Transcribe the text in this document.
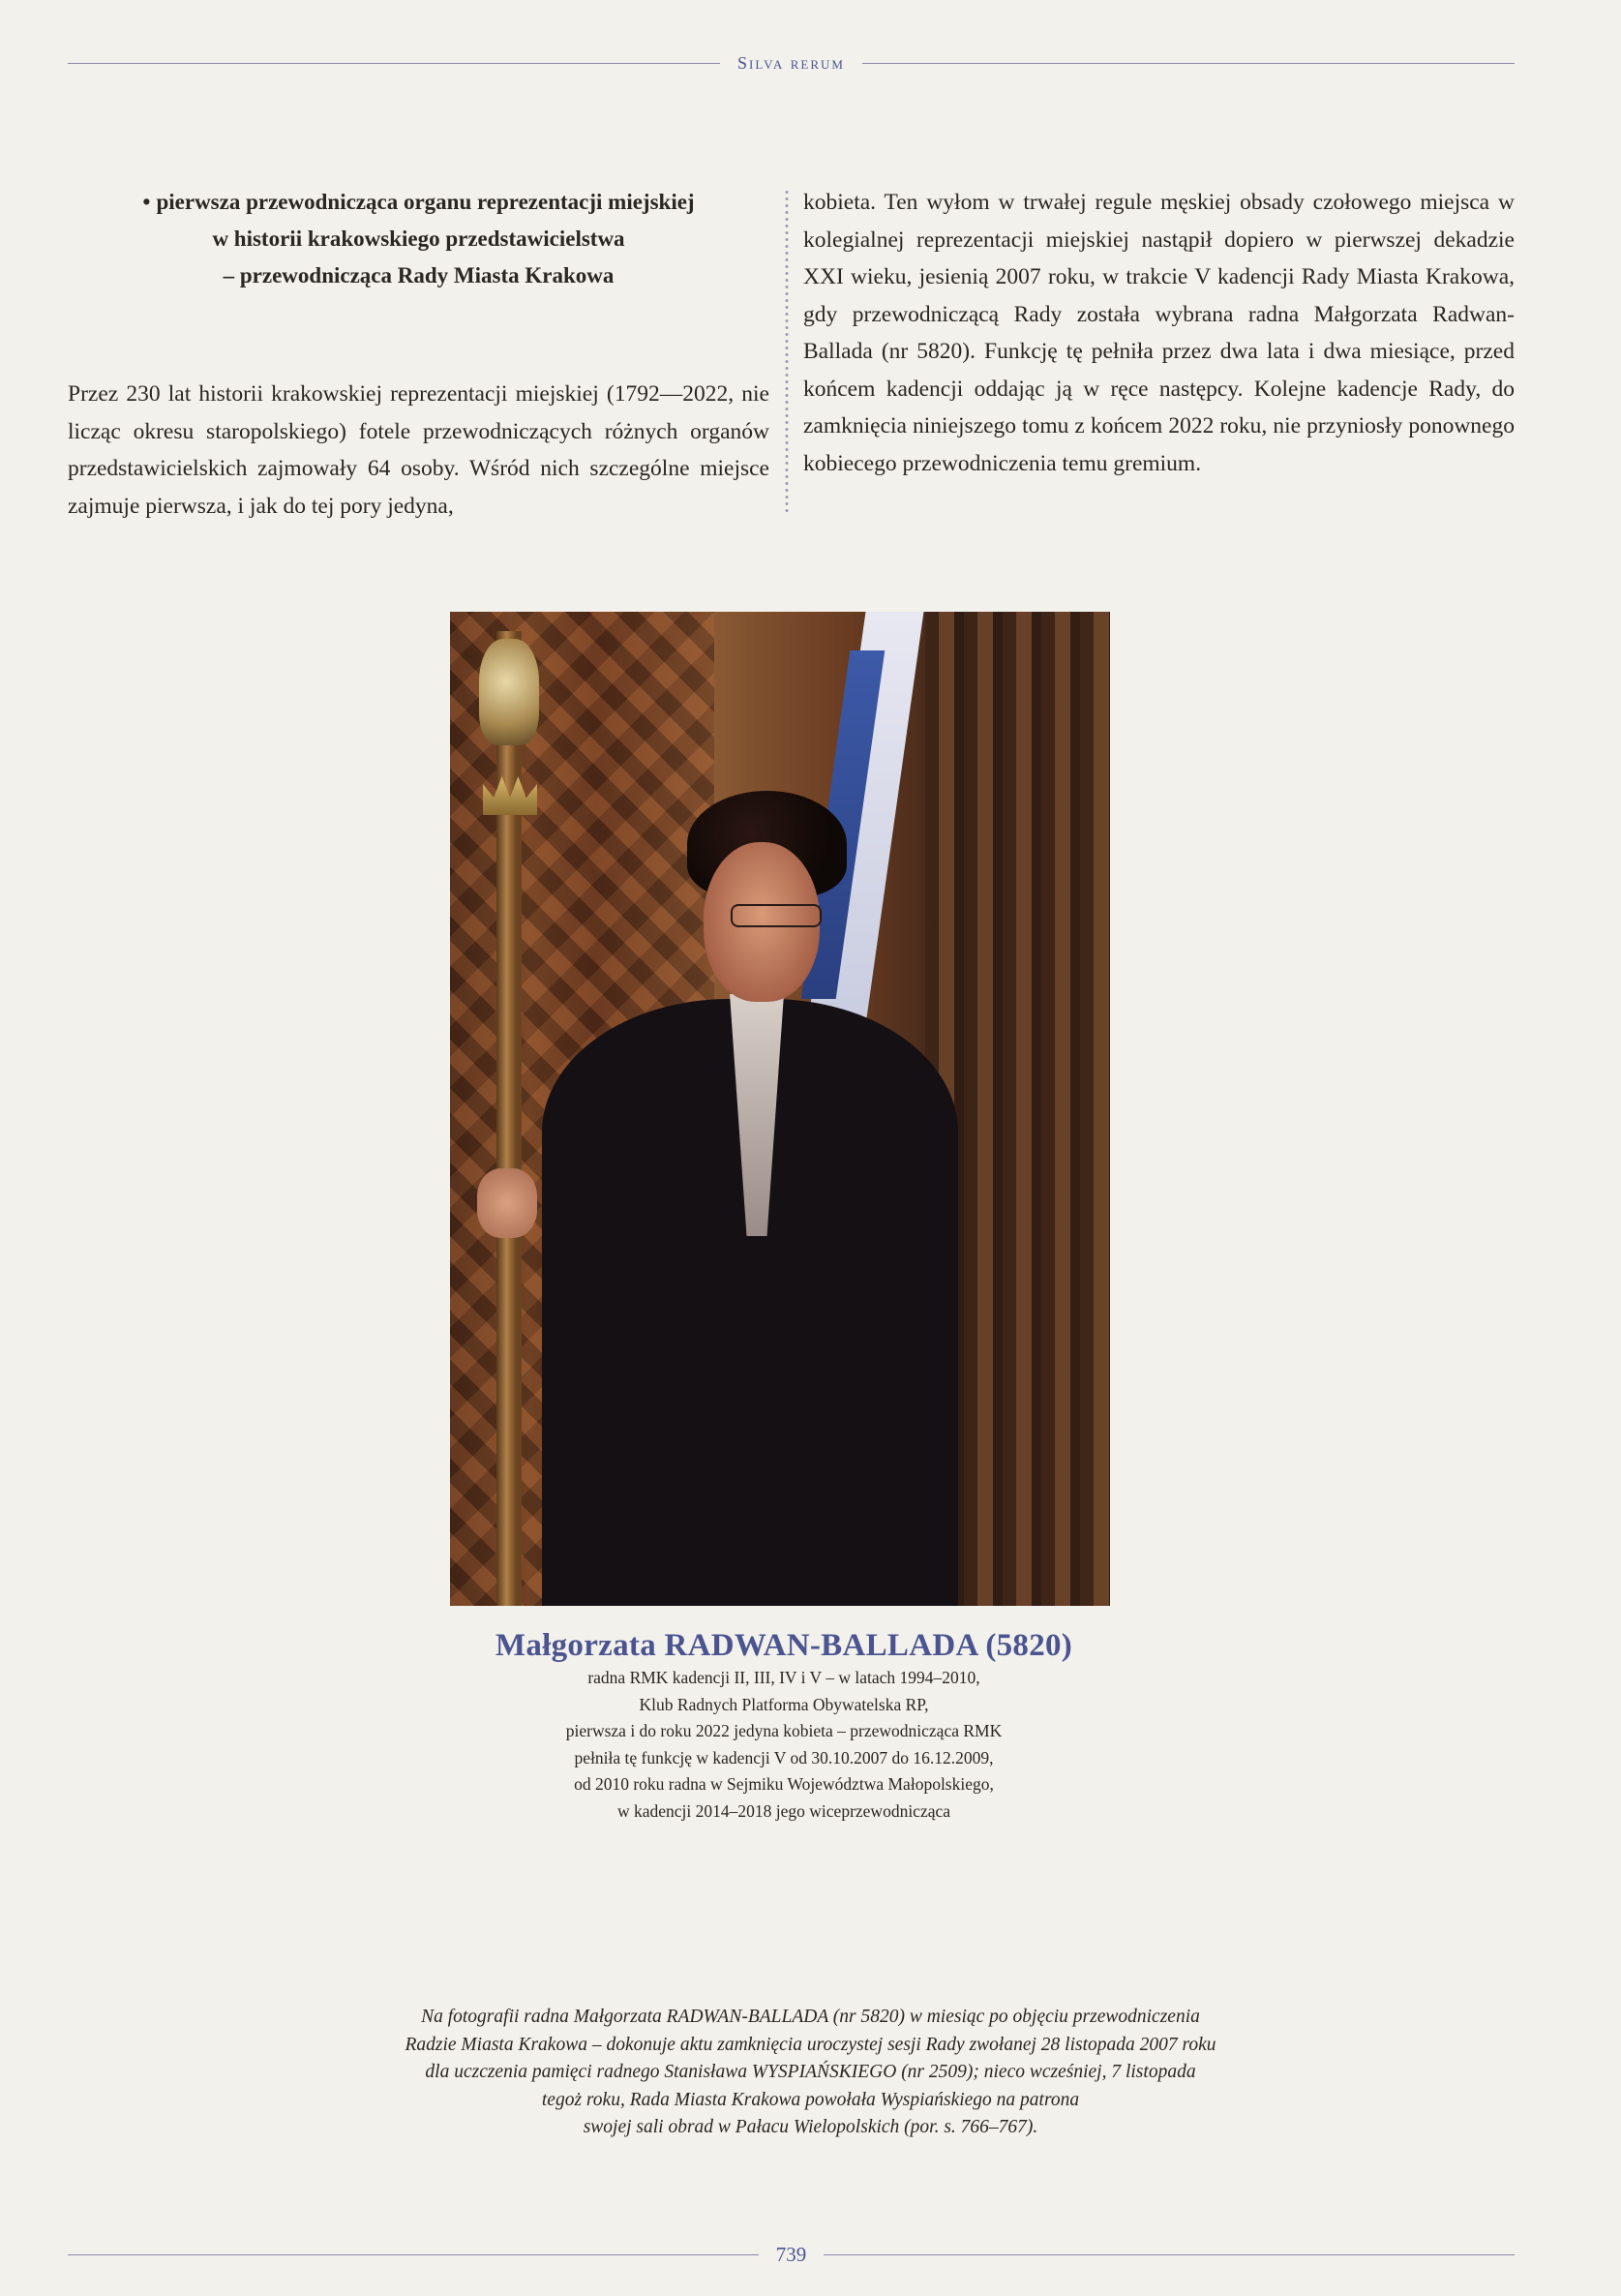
Silva rerum
• pierwsza przewodnicząca organu reprezentacji miejskiej
w historii krakowskiego przedstawicielstwa
– przewodnicząca Rady Miasta Krakowa
Przez 230 lat historii krakowskiej reprezentacji miejskiej (1792––2022, nie licząc okresu staropolskiego) fotele przewodniczących różnych organów przedstawicielskich zajmowały 64 osoby. Wśród nich szczególne miejsce zajmuje pierwsza, i jak do tej pory jedyna,
kobieta. Ten wyłom w trwałej regule męskiej obsady czołowego miejsca w kolegialnej reprezentacji miejskiej nastąpił dopiero w pierwszej dekadzie XXI wieku, jesienią 2007 roku, w trakcie V kadencji Rady Miasta Krakowa, gdy przewodniczącą Rady została wybrana radna Małgorzata Radwan-Ballada (nr 5820). Funkcję tę pełniła przez dwa lata i dwa miesiące, przed końcem kadencji oddając ją w ręce następcy. Kolejne kadencje Rady, do zamknięcia niniejszego tomu z końcem 2022 roku, nie przyniosły ponownego kobiecego przewodniczenia temu gremium.
Małgorzata RADWAN-BALLADA (5820)
radna RMK kadencji II, III, IV i V – w latach 1994–2010,
Klub Radnych Platforma Obywatelska RP,
pierwsza i do roku 2022 jedyna kobieta – przewodnicząca RMK
pełniła tę funkcję w kadencji V od 30.10.2007 do 16.12.2009,
od 2010 roku radna w Sejmiku Województwa Małopolskiego,
w kadencji 2014–2018 jego wiceprzewodnicząca
Na fotografii radna Małgorzata RADWAN-BALLADA (nr 5820) w miesiąc po objęciu przewodniczenia
Radzie Miasta Krakowa – dokonuje aktu zamknięcia uroczystej sesji Rady zwołanej 28 listopada 2007 roku
dla uczczenia pamięci radnego Stanisława WYSPIAŃSKIEGO (nr 2509); nieco wcześniej, 7 listopada
tegoż roku, Rada Miasta Krakowa powołała Wyspiańskiego na patrona
swojej sali obrad w Pałacu Wielopolskich (por. s. 766–767).
739
